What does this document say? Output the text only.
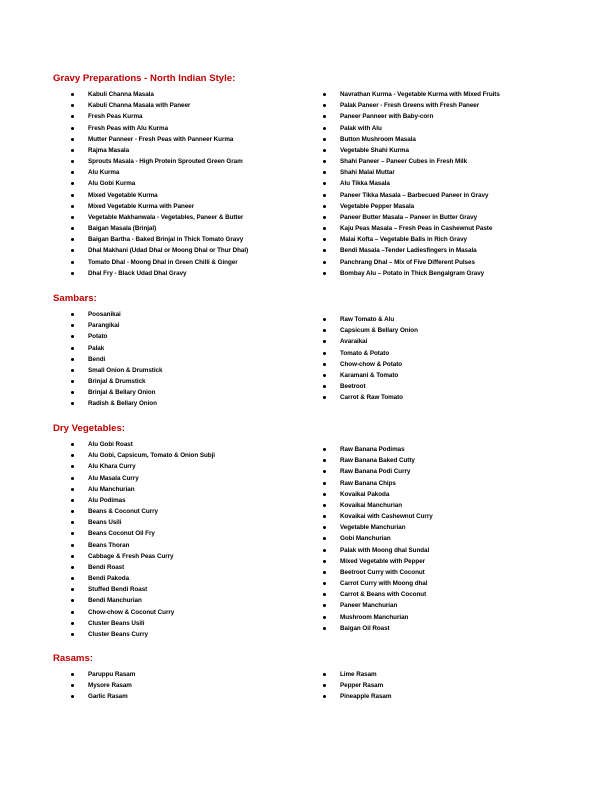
Gravy Preparations - North Indian Style:
Kabuli Channa Masala
Kabuli Channa Masala with Paneer
Fresh Peas Kurma
Fresh Peas with Alu Kurma
Mutter Panneer - Fresh Peas with Panneer Kurma
Rajma Masala
Sprouts Masala - High Protein Sprouted Green Gram
Alu Kurma
Alu Gobi Kurma
Mixed Vegetable Kurma
Mixed Vegetable Kurma with Paneer
Vegetable Makhanwala - Vegetables, Paneer & Butter
Baigan Masala (Brinjal)
Baigan Bartha - Baked Brinjal in Thick Tomato Gravy
Dhal Makhani (Udad Dhal or Moong Dhal or Thur Dhal)
Tomato Dhal - Moong Dhal in Green Chilli & Ginger
Dhal Fry - Black Udad Dhal Gravy
Navrathan Kurma - Vegetable Kurma with Mixed Fruits
Palak Paneer - Fresh Greens with Fresh Paneer
Paneer Panneer with Baby-corn
Palak with Alu
Button Mushroom Masala
Vegetable Shahi Kurma
Shahi Paneer – Paneer Cubes in Fresh Milk
Shahi Malai Muttar
Alu Tikka Masala
Paneer Tikka Masala – Barbecued Paneer in Gravy
Vegetable Pepper Masala
Paneer Butter Masala – Paneer in Butter Gravy
Kaju Peas Masala – Fresh Peas in Cashewnut Paste
Malai Kofta – Vegetable Balls in Rich Gravy
Bendi Masala –Tender Ladiesfingers in Masala
Panchrang Dhal – Mix of Five Different Pulses
Bombay Alu – Potato in Thick Bengalgram Gravy
Sambars:
Poosanikai
Parangikai
Potato
Palak
Bendi
Small Onion & Drumstick
Brinjal & Drumstick
Brinjal & Bellary Onion
Radish & Bellary Onion
Raw Tomato & Alu
Capsicum & Bellary Onion
Avaraikai
Tomato & Potato
Chow-chow & Potato
Karamani & Tomato
Beetroot
Carrot & Raw Tomato
Dry Vegetables:
Alu Gobi Roast
Alu Gobi, Capsicum, Tomato & Onion Subji
Alu Khara Curry
Alu Masala Curry
Alu Manchurian
Alu Podimas
Beans & Coconut Curry
Beans Usili
Beans Coconut Oil Fry
Beans Thoran
Cabbage & Fresh Peas Curry
Bendi Roast
Bendi Pakoda
Stuffed Bendi Roast
Bendi Manchurian
Chow-chow & Coconut Curry
Cluster Beans Usili
Cluster Beans Curry
Raw Banana Podimas
Raw Banana Baked Cutty
Raw Banana Podi Curry
Raw Banana Chips
Kovaikai Pakoda
Kovaikai Manchurian
Kovaikai with Cashewnut Curry
Vegetable Manchurian
Gobi Manchurian
Palak with Moong dhal Sundal
Mixed Vegetable with Pepper
Beetroot Curry with Coconut
Carrot Curry with Moong dhal
Carrot & Beans with Coconut
Paneer Manchurian
Mushroom Manchurian
Baigan Oil Roast
Rasams:
Paruppu Rasam
Mysore Rasam
Garlic Rasam
Lime Rasam
Pepper Rasam
Pineapple Rasam
